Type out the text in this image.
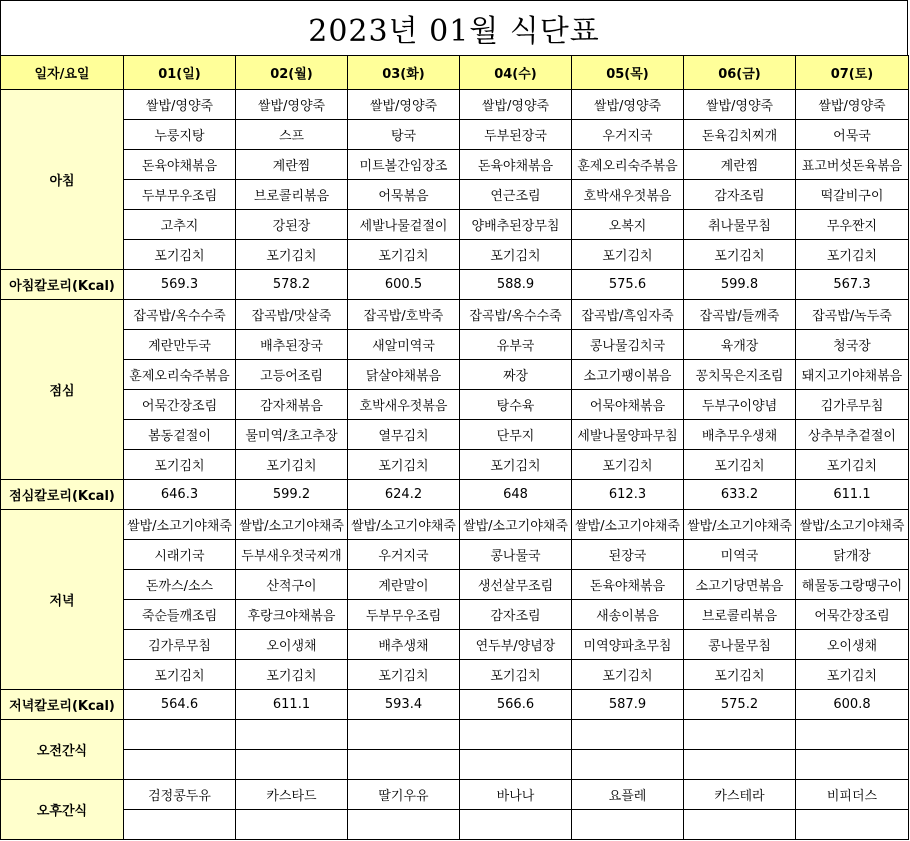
2023년 01월 식단표
일자/요일	01(일)	02(월)	03(화)	04(수)	05(목)	06(금)	07(토)
아침	쌀밥/영양죽	쌀밥/영양죽	쌀밥/영양죽	쌀밥/영양죽	쌀밥/영양죽	쌀밥/영양죽	쌀밥/영양죽
	누룽지탕	스프	탕국	두부된장국	우거지국	돈육김치찌개	어묵국
	돈육야채볶음	계란찜	미트볼간임장조	돈육야채볶음	훈제오리숙주볶음	계란찜	표고버섯돈육볶음
	두부무우조림	브로콜리볶음	어묵볶음	연근조림	호박새우젓볶음	감자조림	떡갈비구이
	고추지	강된장	세발나물겉절이	양배추된장무침	오복지	취나물무침	무우짠지
	포기김치	포기김치	포기김치	포기김치	포기김치	포기김치	포기김치
아침칼로리(Kcal)	569.3	578.2	600.5	588.9	575.6	599.8	567.3
점심	잡곡밥/옥수수죽	잡곡밥/맛살죽	잡곡밥/호박죽	잡곡밥/옥수수죽	잡곡밥/흑임자죽	잡곡밥/들깨죽	잡곡밥/녹두죽
	계란만두국	배추된장국	새알미역국	유부국	콩나물김치국	육개장	청국장
	훈제오리숙주볶음	고등어조림	닭살야채볶음	짜장	소고기팽이볶음	꽁치묵은지조림	돼지고기야채볶음
	어묵간장조림	감자채볶음	호박새우젓볶음	탕수육	어묵야채볶음	두부구이양념	김가루무침
	봄동겉절이	물미역/초고추장	열무김치	단무지	세발나물양파무침	배추무우생채	상추부추겉절이
	포기김치	포기김치	포기김치	포기김치	포기김치	포기김치	포기김치
점심칼로리(Kcal)	646.3	599.2	624.2	648	612.3	633.2	611.1
저녁	쌀밥/소고기야채죽	쌀밥/소고기야채죽	쌀밥/소고기야채죽	쌀밥/소고기야채죽	쌀밥/소고기야채죽	쌀밥/소고기야채죽	쌀밥/소고기야채죽
	시래기국	두부새우젓국찌개	우거지국	콩나물국	된장국	미역국	닭개장
	돈까스/소스	산적구이	계란말이	생선살무조림	돈육야채볶음	소고기당면볶음	해물동그랑땡구이
	죽순들깨조림	후랑크야채볶음	두부무우조림	감자조림	새송이볶음	브로콜리볶음	어묵간장조림
	김가루무침	오이생채	배추생채	연두부/양념장	미역양파초무침	콩나물무침	오이생채
	포기김치	포기김치	포기김치	포기김치	포기김치	포기김치	포기김치
저녁칼로리(Kcal)	564.6	611.1	593.4	566.6	587.9	575.2	600.8
오전간식							

오후간식	검정콩두유	카스타드	딸기우유	바나나	요플레	카스테라	비피더스
